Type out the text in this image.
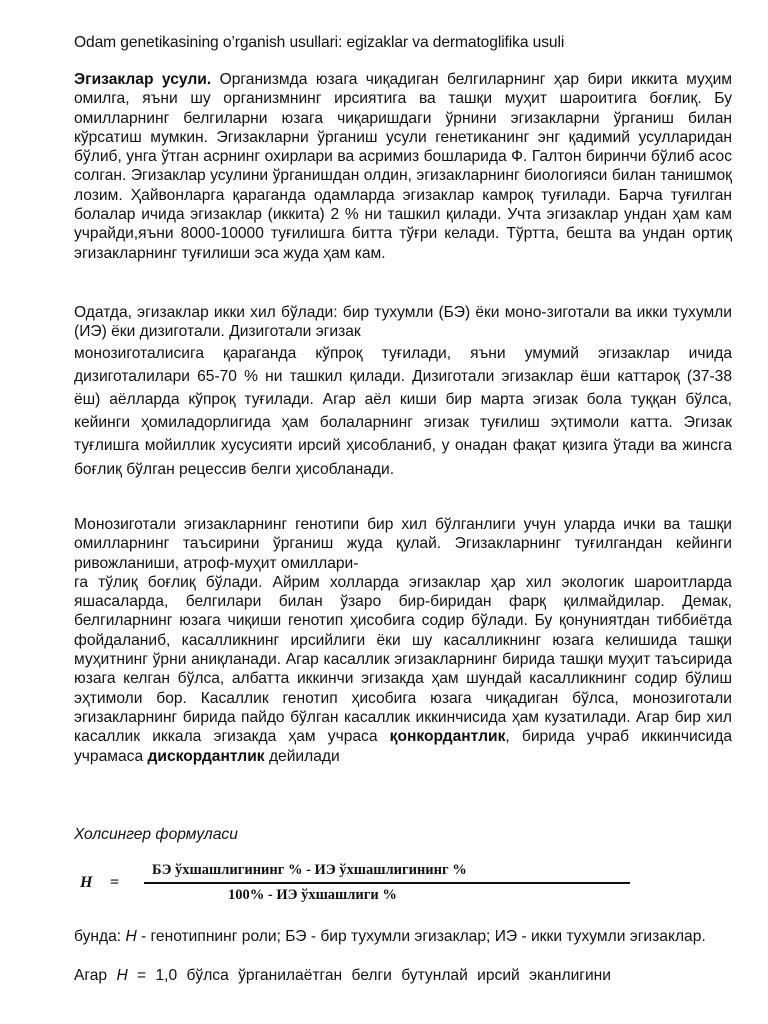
Odam genetikasining o’rganish usullari: egizaklar va dermatoglifika usuli
Эгизаклар усули. Организмда юзага чиқадиган белгиларнинг ҳар бири иккита муҳим омилга, яъни шу организмнинг ирсиятига ва ташқи муҳит шароитига боғлиқ. Бу омилларнинг белгиларни юзага чиқаришдаги ўрнини эгизакларни ўрганиш билан кўрсатиш мумкин. Эгизакларни ўрганиш усули генетиканинг энг қадимий усулларидан бўлиб, унга ўтган асрнинг охирлари ва асримиз бошларида Ф. Галтон биринчи бўлиб асос солган. Эгизаклар усулини ўрганишдан олдин, эгизакларнинг биологияси билан танишмоқ лозим. Ҳайвонларга қараганда одамларда эгизаклар камроқ туғилади. Барча туғилган болалар ичида эгизаклар (иккита) 2 % ни ташкил қилади. Учта эгизаклар ундан ҳам кам учрайди,яъни 8000-10000 туғилишга битта тўғри келади. Тўртта, бешта ва ундан ортиқ эгизакларнинг туғилиши эса жуда ҳам кам.
Одатда, эгизаклар икки хил бўлади: бир тухумли (БЭ) ёки моно-зиготали ва икки тухумли (ИЭ) ёки дизиготали. Дизиготали эгизак
монозиготалисига қараганда кўпроқ туғилади, яъни умумий эгизаклар ичида дизиготалилари 65-70 % ни ташкил қилади. Дизиготали эгизаклар ёши каттароқ (37-38 ёш) аёлларда кўпроқ туғилади. Агар аёл киши бир марта эгизак бола туққан бўлса, кейинги ҳомиладорлигида ҳам болаларнинг эгизак туғилиш эҳтимоли катта. Эгизак туғлишга мойиллик хусусияти ирсий ҳисобланиб, у онадан фақат қизига ўтади ва жинсга боғлиқ бўлган рецессив белги ҳисобланади.
Монозиготали эгизакларнинг генотипи бир хил бўлганлиги учун уларда ички ва ташқи омилларнинг таъсирини ўрганиш жуда қулай. Эгизакларнинг туғилгандан кейинги ривожланиши, атроф-муҳит омиллари-
га тўлиқ боғлиқ бўлади. Айрим холларда эгизаклар ҳар хил экологик шароитларда яшасаларда, белгилари билан ўзаро бир-биридан фарқ қилмайдилар. Демак, белгиларнинг юзага чиқиши генотип ҳисобига содир бўлади. Бу қонуниятдан тиббиётда фойдаланиб, касалликнинг ирсийлиги ёки шу касалликнинг юзага келишида ташқи муҳитнинг ўрни аниқланади. Агар касаллик эгизакларнинг бирида ташқи муҳит таъсирида юзага келган бўлса, албатта иккинчи эгизакда ҳам шундай касалликнинг содир бўлиш эҳтимоли бор. Касаллик генотип ҳисобига юзага чиқадиган бўлса, монозиготали эгизакларнинг бирида пайдо бўлган касаллик иккинчисида ҳам кузатилади. Агар бир хил касаллик иккала эгизакда ҳам учраса қонкордантлик, бирида учраб иккинчисида учрамаса дискордантлик дейилади
Холсингер формуласи
H =
БЭ ўхшашлигининг % - ИЭ ўхшашлигининг %
100% - ИЭ ўхшашлиги %
бунда: H - генотипнинг роли; БЭ - бир тухумли эгизаклар; ИЭ - икки тухумли эгизаклар.
Агар H = 1,0 бўлса ўрганилаётган белги бутунлай ирсий эканлигини
